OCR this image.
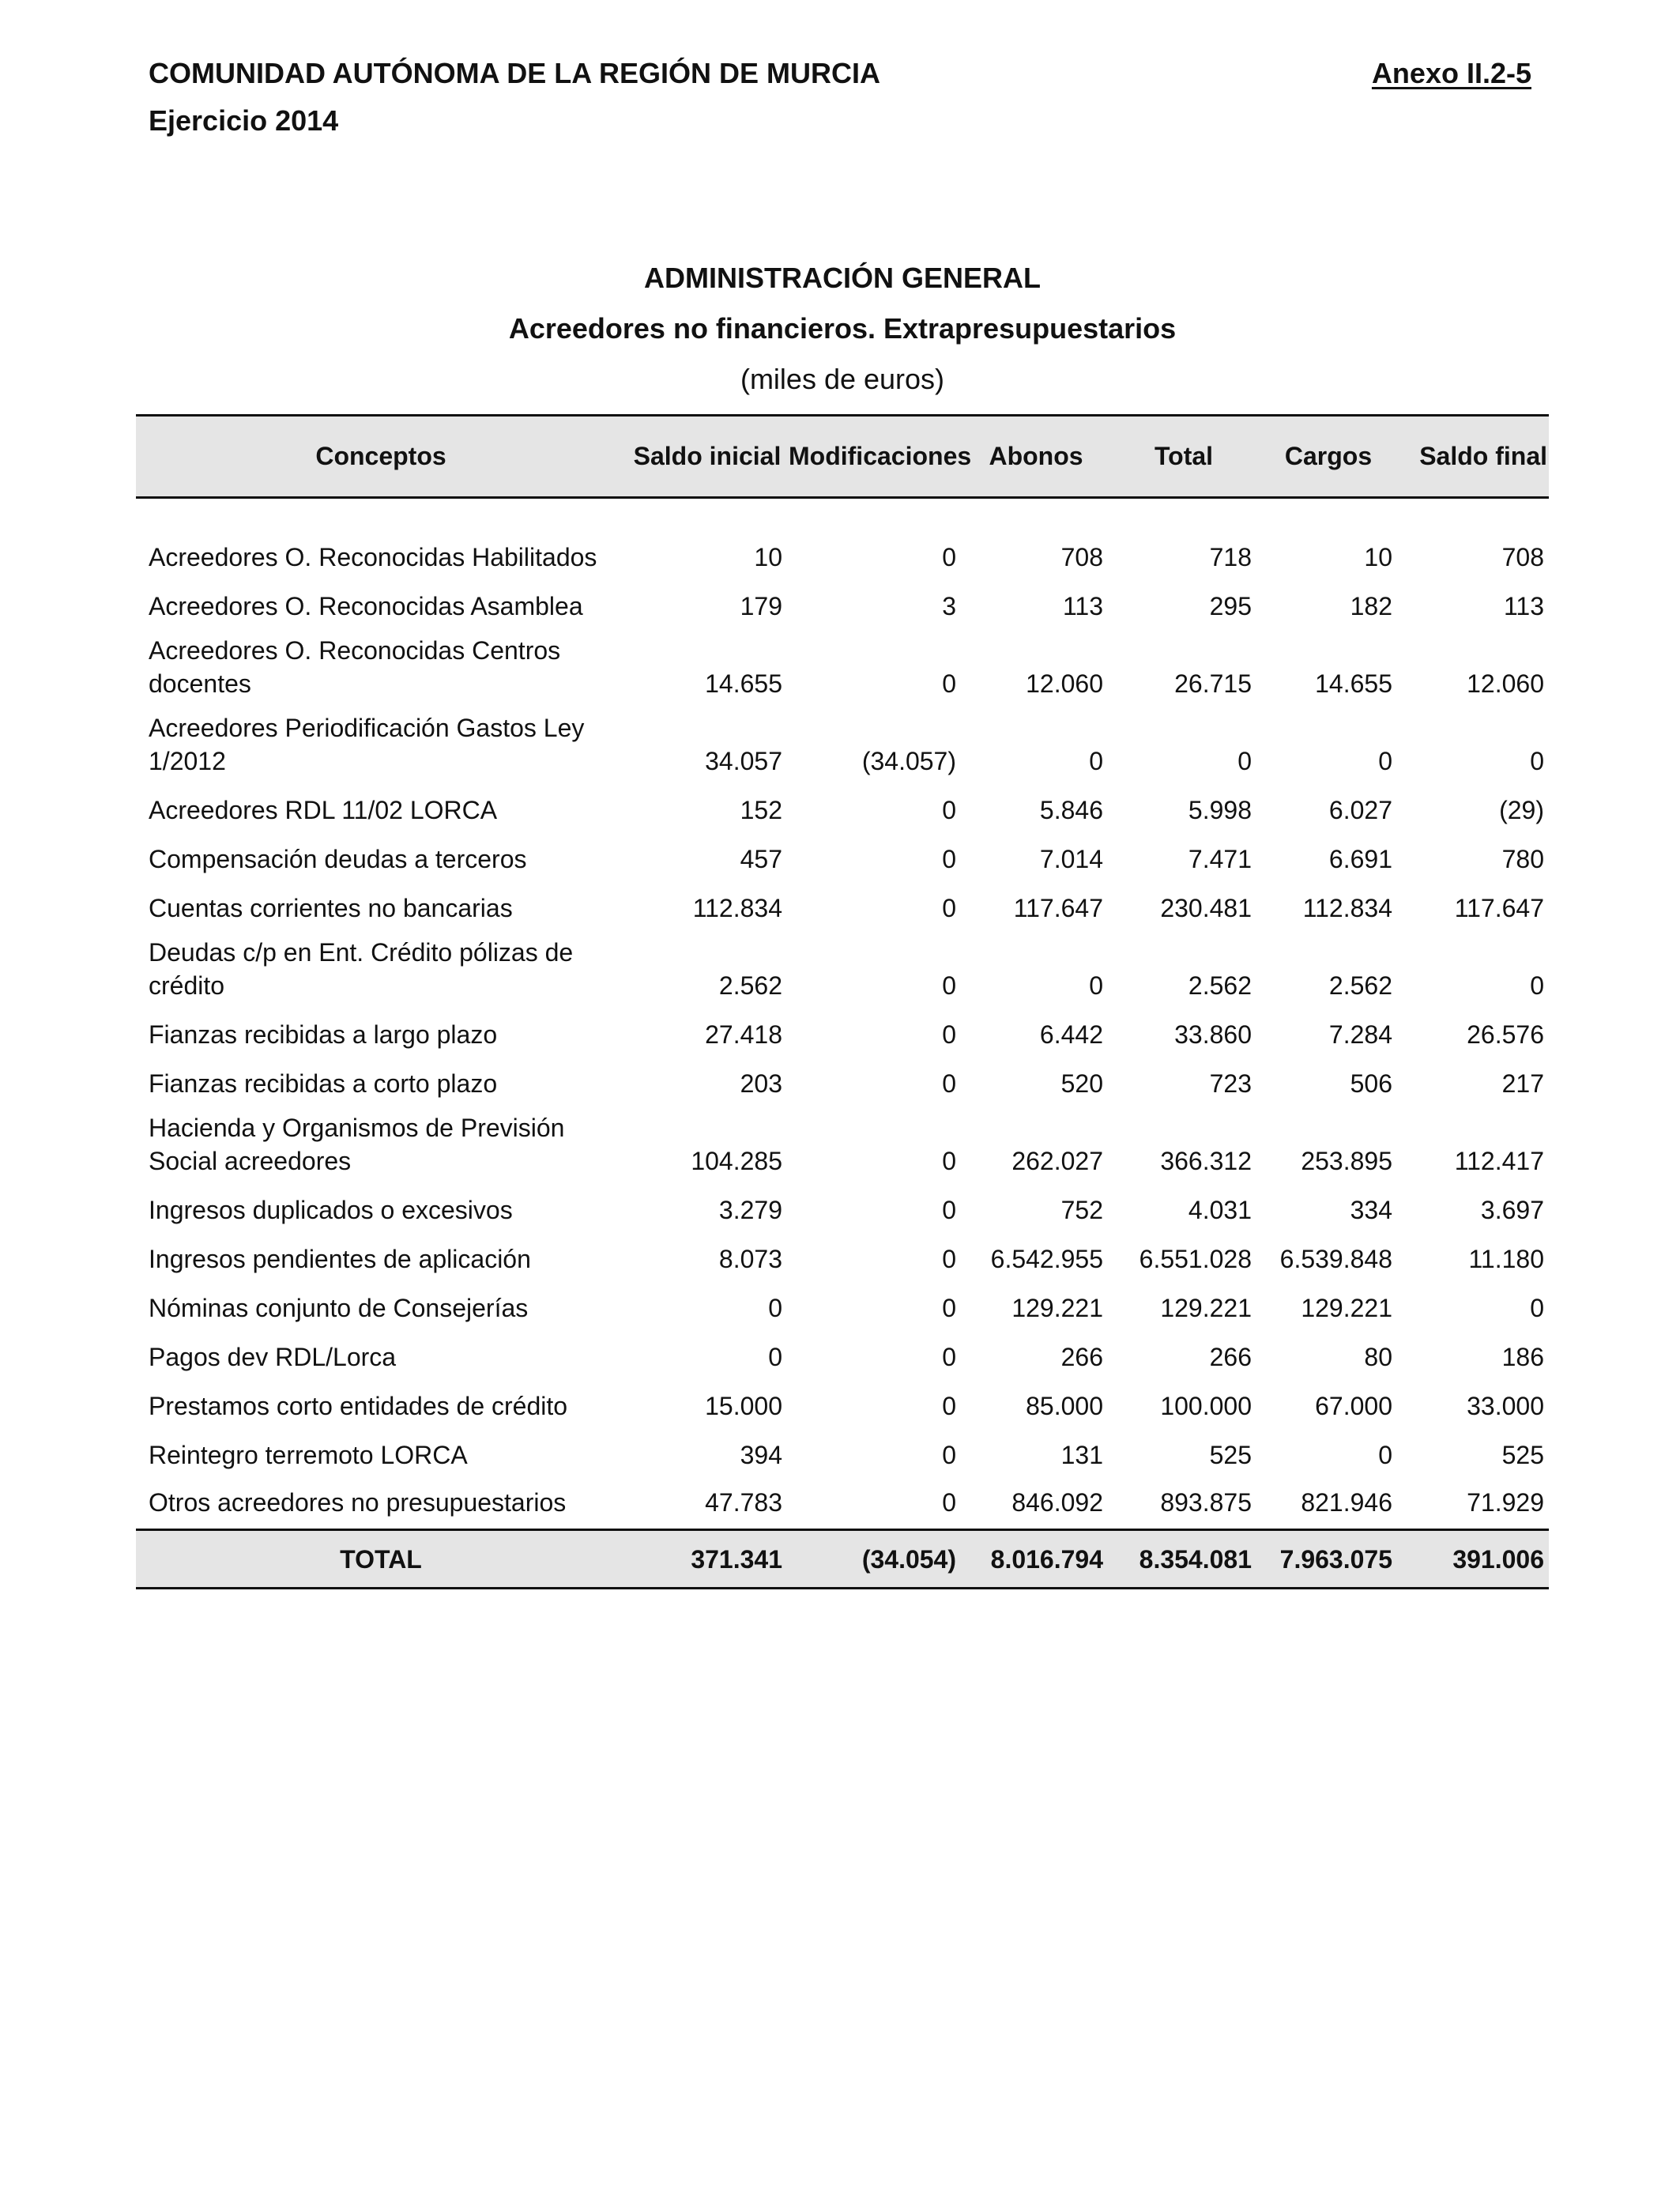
COMUNIDAD AUTÓNOMA DE LA REGIÓN DE MURCIA
Ejercicio 2014
Anexo II.2-5
ADMINISTRACIÓN GENERAL
Acreedores no financieros. Extrapresupuestarios
(miles de euros)
Conceptos	Saldo inicial	Modificaciones	Abonos	Total	Cargos	Saldo final

Acreedores O. Reconocidas Habilitados	10	0	708	718	10	708
Acreedores O. Reconocidas Asamblea	179	3	113	295	182	113
Acreedores O. Reconocidas Centros docentes	14.655	0	12.060	26.715	14.655	12.060
Acreedores Periodificación Gastos Ley 1/2012	34.057	(34.057)	0	0	0	0
Acreedores RDL 11/02 LORCA	152	0	5.846	5.998	6.027	(29)
Compensación deudas a terceros	457	0	7.014	7.471	6.691	780
Cuentas corrientes no bancarias	112.834	0	117.647	230.481	112.834	117.647
Deudas c/p en Ent. Crédito pólizas de crédito	2.562	0	0	2.562	2.562	0
Fianzas recibidas a largo plazo	27.418	0	6.442	33.860	7.284	26.576
Fianzas recibidas a corto plazo	203	0	520	723	506	217
Hacienda y Organismos de Previsión Social acreedores	104.285	0	262.027	366.312	253.895	112.417
Ingresos duplicados o excesivos	3.279	0	752	4.031	334	3.697
Ingresos pendientes de aplicación	8.073	0	6.542.955	6.551.028	6.539.848	11.180
Nóminas conjunto de Consejerías	0	0	129.221	129.221	129.221	0
Pagos dev RDL/Lorca	0	0	266	266	80	186
Prestamos corto entidades de crédito	15.000	0	85.000	100.000	67.000	33.000
Reintegro terremoto LORCA	394	0	131	525	0	525
Otros acreedores no presupuestarios	47.783	0	846.092	893.875	821.946	71.929
TOTAL	371.341	(34.054)	8.016.794	8.354.081	7.963.075	391.006
